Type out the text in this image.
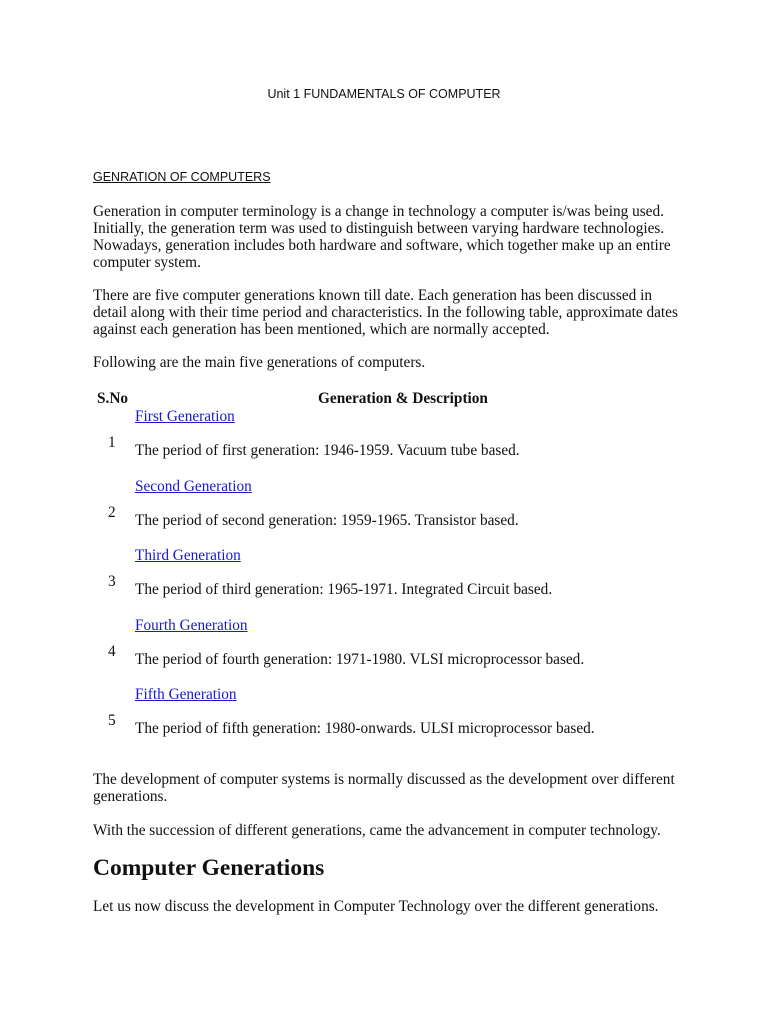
Unit 1 FUNDAMENTALS OF COMPUTER
GENRATION OF COMPUTERS
Generation in computer terminology is a change in technology a computer is/was being used. Initially, the generation term was used to distinguish between varying hardware technologies. Nowadays, generation includes both hardware and software, which together make up an entire computer system.
There are five computer generations known till date. Each generation has been discussed in detail along with their time period and characteristics. In the following table, approximate dates against each generation has been mentioned, which are normally accepted.
Following are the main five generations of computers.
S.No	Generation & Description
First Generation
1 The period of first generation: 1946-1959. Vacuum tube based.
Second Generation
2 The period of second generation: 1959-1965. Transistor based.
Third Generation
3 The period of third generation: 1965-1971. Integrated Circuit based.
Fourth Generation
4 The period of fourth generation: 1971-1980. VLSI microprocessor based.
Fifth Generation
5 The period of fifth generation: 1980-onwards. ULSI microprocessor based.
The development of computer systems is normally discussed as the development over different generations.
With the succession of different generations, came the advancement in computer technology.
Computer Generations
Let us now discuss the development in Computer Technology over the different generations.
